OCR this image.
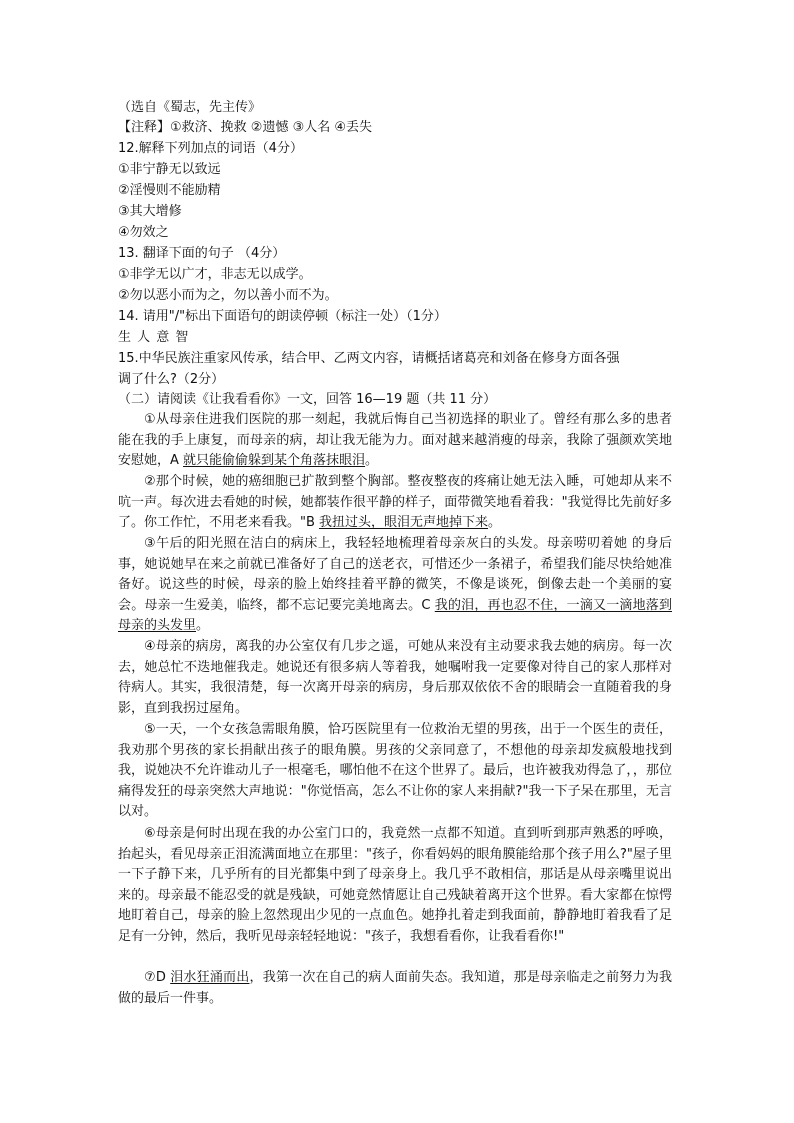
（选自《蜀志，先主传》
【注释】①救济、挽救 ②遗憾 ③人名 ④丢失
12.解释下列加点的词语（4分）
①非宁静无以致远
②淫慢则不能励精
③其大增修
④勿效之
13. 翻译下面的句子 （4分）
①非学无以广才，非志无以成学。
②勿以恶小而为之，勿以善小而不为。
14. 请用"/"标出下面语句的朗读停顿（标注一处）（1分）
生 人 意 智
15.中华民族注重家风传承，结合甲、乙两文内容，请概括诸葛亮和刘备在修身方面各强
调了什么?（2分）
（二）请阅读《让我看看你》一文，回答 16—19 题（共 11 分）
①从母亲住进我们医院的那一刻起，我就后悔自己当初选择的职业了。曾经有那么多的患者能在我的手上康复，而母亲的病，却让我无能为力。面对越来越消瘦的母亲，我除了强颜欢笑地安慰她，A 就只能偷偷躲到某个角落抹眼泪。
②那个时候，她的癌细胞已扩散到整个胸部。整夜整夜的疼痛让她无法入睡，可她却从来不吭一声。每次进去看她的时候，她都装作很平静的样子，面带微笑地看着我："我觉得比先前好多了。你工作忙，不用老来看我。"B 我扭过头，眼泪无声地掉下来。
③午后的阳光照在洁白的病床上，我轻轻地梳理着母亲灰白的头发。母亲唠叨着她 的身后事，她说她早在来之前就已准备好了自己的送老衣，可惜还少一条裙子，希望我们能尽快给她准备好。说这些的时候，母亲的脸上始终挂着平静的微笑，不像是谈死，倒像去赴一个美丽的宴会。母亲一生爱美，临终，都不忘记要完美地离去。C 我的泪，再也忍不住，一滴又一滴地落到母亲的头发里。
④母亲的病房，离我的办公室仅有几步之遥，可她从来没有主动要求我去她的病房。每一次去，她总忙不迭地催我走。她说还有很多病人等着我，她嘱咐我一定要像对待自己的家人那样对待病人。其实，我很清楚，每一次离开母亲的病房，身后那双依依不舍的眼睛会一直随着我的身影，直到我拐过屋角。
⑤一天，一个女孩急需眼角膜，恰巧医院里有一位救治无望的男孩，出于一个医生的责任，我劝那个男孩的家长捐献出孩子的眼角膜。男孩的父亲同意了，不想他的母亲却发疯般地找到我，说她决不允许谁动儿子一根毫毛，哪怕他不在这个世界了。最后，也许被我劝得急了，，那位痛得发狂的母亲突然大声地说："你觉悟高，怎么不让你的家人来捐献?"我一下子呆在那里，无言以对。
⑥母亲是何时出现在我的办公室门口的，我竟然一点都不知道。直到听到那声熟悉的呼唤，抬起头，看见母亲正泪流满面地立在那里："孩子，你看妈妈的眼角膜能给那个孩子用么?"屋子里一下子静下来，几乎所有的目光都集中到了母亲身上。我几乎不敢相信，那话是从母亲嘴里说出来的。母亲最不能忍受的就是残缺，可她竟然情愿让自己残缺着离开这个世界。看大家都在惊愕地盯着自己，母亲的脸上忽然现出少见的一点血色。她挣扎着走到我面前，静静地盯着我看了足足有一分钟，然后，我听见母亲轻轻地说："孩子，我想看看你，让我看看你!"
⑦D 泪水狂涌而出，我第一次在自己的病人面前失态。我知道，那是母亲临走之前努力为我做的最后一件事。
